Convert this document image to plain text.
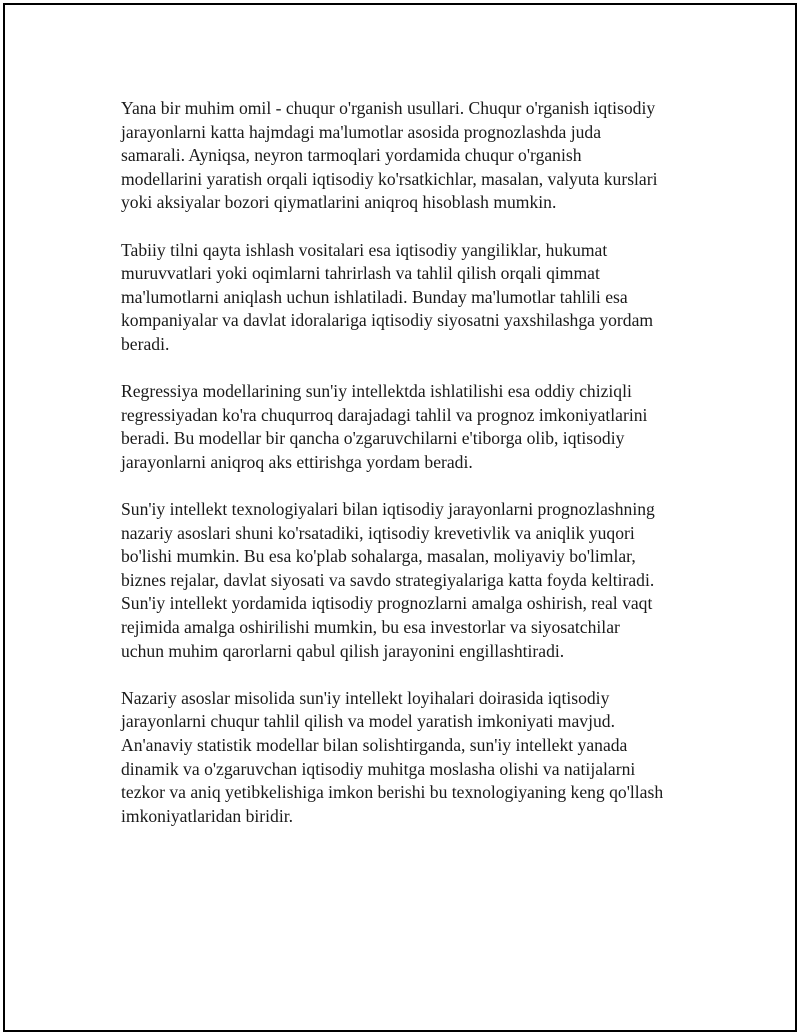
Yana bir muhim omil - chuqur o'rganish usullari. Chuqur o'rganish iqtisodiy
jarayonlarni katta hajmdagi ma'lumotlar asosida prognozlashda juda
samarali. Ayniqsa, neyron tarmoqlari yordamida chuqur o'rganish
modellarini yaratish orqali iqtisodiy ko'rsatkichlar, masalan, valyuta kurslari
yoki aksiyalar bozori qiymatlarini aniqroq hisoblash mumkin.

Tabiiy tilni qayta ishlash vositalari esa iqtisodiy yangiliklar, hukumat
muruvvatlari yoki oqimlarni tahrirlash va tahlil qilish orqali qimmat
ma'lumotlarni aniqlash uchun ishlatiladi. Bunday ma'lumotlar tahlili esa
kompaniyalar va davlat idoralariga iqtisodiy siyosatni yaxshilashga yordam
beradi.

Regressiya modellarining sun'iy intellektda ishlatilishi esa oddiy chiziqli
regressiyadan ko'ra chuqurroq darajadagi tahlil va prognoz imkoniyatlarini
beradi. Bu modellar bir qancha o'zgaruvchilarni e'tiborga olib, iqtisodiy
jarayonlarni aniqroq aks ettirishga yordam beradi.

Sun'iy intellekt texnologiyalari bilan iqtisodiy jarayonlarni prognozlashning
nazariy asoslari shuni ko'rsatadiki, iqtisodiy krevetivlik va aniqlik yuqori
bo'lishi mumkin. Bu esa ko'plab sohalarga, masalan, moliyaviy bo'limlar,
biznes rejalar, davlat siyosati va savdo strategiyalariga katta foyda keltiradi.
Sun'iy intellekt yordamida iqtisodiy prognozlarni amalga oshirish, real vaqt
rejimida amalga oshirilishi mumkin, bu esa investorlar va siyosatchilar
uchun muhim qarorlarni qabul qilish jarayonini engillashtiradi.

Nazariy asoslar misolida sun'iy intellekt loyihalari doirasida iqtisodiy
jarayonlarni chuqur tahlil qilish va model yaratish imkoniyati mavjud.
An'anaviy statistik modellar bilan solishtirganda, sun'iy intellekt yanada
dinamik va o'zgaruvchan iqtisodiy muhitga moslasha olishi va natijalarni
tezkor va aniq yetibkelishiga imkon berishi bu texnologiyaning keng qo'llash
imkoniyatlaridan biridir.
